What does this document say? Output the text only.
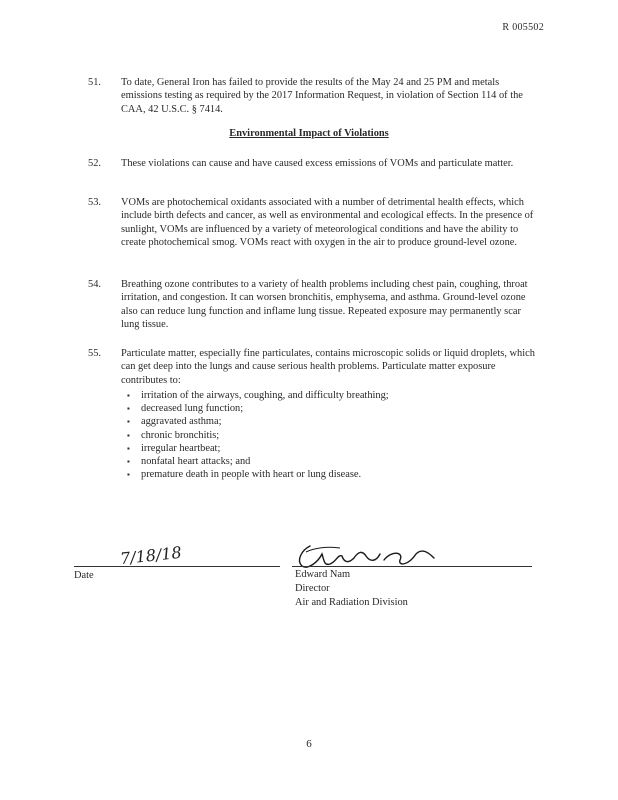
R 005502
51. To date, General Iron has failed to provide the results of the May 24 and 25 PM and metals emissions testing as required by the 2017 Information Request, in violation of Section 114 of the CAA, 42 U.S.C. § 7414.
Environmental Impact of Violations
52. These violations can cause and have caused excess emissions of VOMs and particulate matter.
53. VOMs are photochemical oxidants associated with a number of detrimental health effects, which include birth defects and cancer, as well as environmental and ecological effects. In the presence of sunlight, VOMs are influenced by a variety of meteorological conditions and have the ability to create photochemical smog. VOMs react with oxygen in the air to produce ground-level ozone.
54. Breathing ozone contributes to a variety of health problems including chest pain, coughing, throat irritation, and congestion. It can worsen bronchitis, emphysema, and asthma. Ground-level ozone also can reduce lung function and inflame lung tissue. Repeated exposure may permanently scar lung tissue.
55. Particulate matter, especially fine particulates, contains microscopic solids or liquid droplets, which can get deep into the lungs and cause serious health problems. Particulate matter exposure contributes to:
▪ irritation of the airways, coughing, and difficulty breathing;
▪ decreased lung function;
▪ aggravated asthma;
▪ chronic bronchitis;
▪ irregular heartbeat;
▪ nonfatal heart attacks; and
▪ premature death in people with heart or lung disease.
7/18/18
Date	Edward Nam
Director
Air and Radiation Division
6
